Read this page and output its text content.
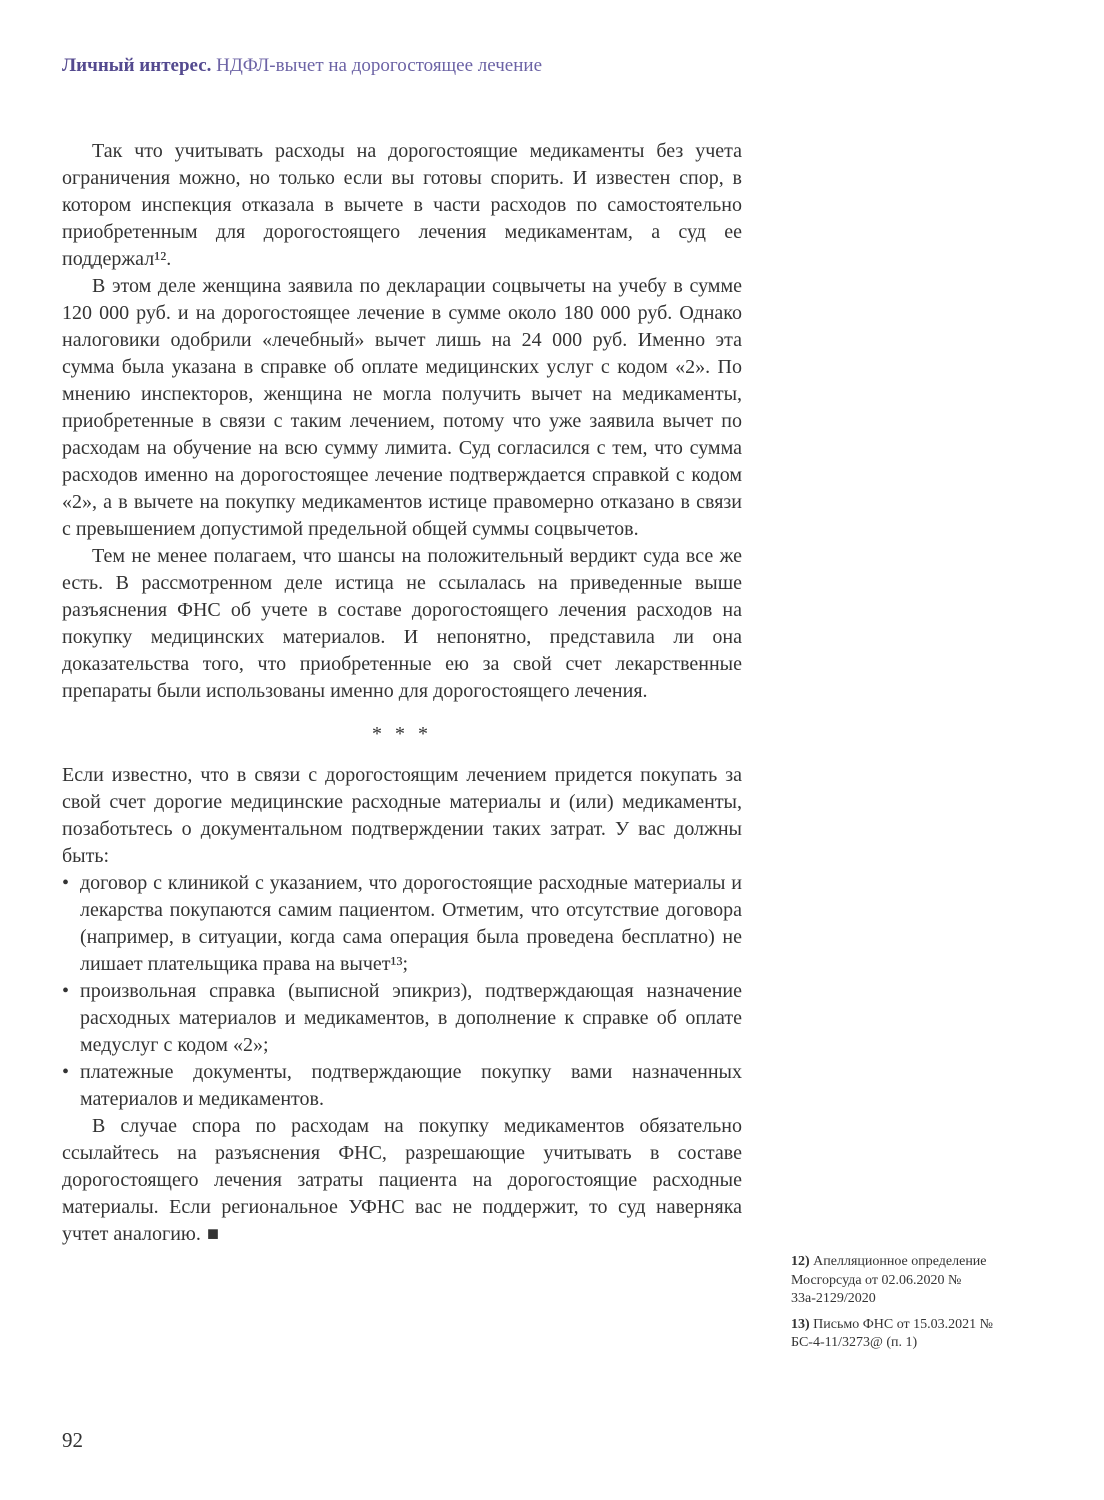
Личный интерес. НДФЛ-вычет на дорогостоящее лечение

Так что учитывать расходы на дорогостоящие медикаменты без учета ограничения можно, но только если вы готовы спорить. И известен спор, в котором инспекция отказала в вычете в части расходов по самостоятельно приобретенным для дорогостоящего лечения медикаментам, а суд ее поддержал¹².

В этом деле женщина заявила по декларации соцвычеты на учебу в сумме 120 000 руб. и на дорогостоящее лечение в сумме около 180 000 руб. Однако налоговики одобрили «лечебный» вычет лишь на 24 000 руб. Именно эта сумма была указана в справке об оплате медицинских услуг с кодом «2». По мнению инспекторов, женщина не могла получить вычет на медикаменты, приобретенные в связи с таким лечением, потому что уже заявила вычет по расходам на обучение на всю сумму лимита. Суд согласился с тем, что сумма расходов именно на дорогостоящее лечение подтверждается справкой с кодом «2», а в вычете на покупку медикаментов истице правомерно отказано в связи с превышением допустимой предельной общей суммы соцвычетов.

Тем не менее полагаем, что шансы на положительный вердикт суда все же есть. В рассмотренном деле истица не ссылалась на приведенные выше разъяснения ФНС об учете в составе дорогостоящего лечения расходов на покупку медицинских материалов. И непонятно, представила ли она доказательства того, что приобретенные ею за свой счет лекарственные препараты были использованы именно для дорогостоящего лечения.

* * *

Если известно, что в связи с дорогостоящим лечением придется покупать за свой счет дорогие медицинские расходные материалы и (или) медикаменты, позаботьтесь о документальном подтверждении таких затрат. У вас должны быть:

• договор с клиникой с указанием, что дорогостоящие расходные материалы и лекарства покупаются самим пациентом. Отметим, что отсутствие договора (например, в ситуации, когда сама операция была проведена бесплатно) не лишает плательщика права на вычет¹³;
• произвольная справка (выписной эпикриз), подтверждающая назначение расходных материалов и медикаментов, в дополнение к справке об оплате медуслуг с кодом «2»;
• платежные документы, подтверждающие покупку вами назначенных материалов и медикаментов.

В случае спора по расходам на покупку медикаментов обязательно ссылайтесь на разъяснения ФНС, разрешающие учитывать в составе дорогостоящего лечения затраты пациента на дорогостоящие расходные материалы. Если региональное УФНС вас не поддержит, то суд наверняка учтет аналогию. ■

12) Апелляционное определение Мосгорсуда от 02.06.2020 № 33а-2129/2020

13) Письмо ФНС от 15.03.2021 № БС-4-11/3273@ (п. 1)

92
